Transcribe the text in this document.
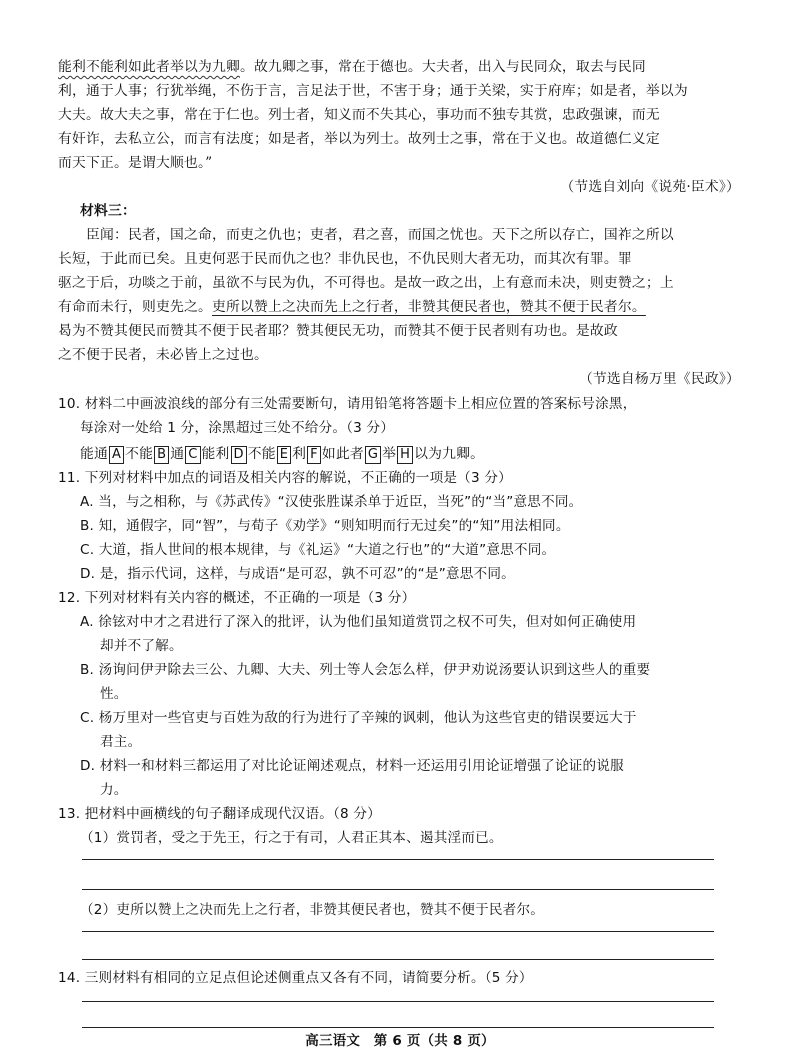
能利不能利如此者举以为九卿。故九卿之事，常在于德也。大夫者，出入与民同众，取去与民同
利，通于人事；行犹举绳，不伤于言，言足法于世，不害于身；通于关梁，实于府库；如是者，举以为
大夫。故大夫之事，常在于仁也。列士者，知义而不失其心，事功而不独专其赏，忠政强谏，而无
有奸诈，去私立公，而言有法度；如是者，举以为列士。故列士之事，常在于义也。故道德仁义定
而天下正。是谓大顺也。”
（节选自刘向《说苑·臣术》）
材料三：
臣闻：民者，国之命，而吏之仇也；吏者，君之喜，而国之忧也。天下之所以存亡，国祚之所以
长短，于此而已矣。且吏何恶于民而仇之也？非仇民也，不仇民则大者无功，而其次有罪。罪
驱之于后，功啖之于前，虽欲不与民为仇，不可得也。是故一政之出，上有意而未决，则吏赞之；上
有命而未行，则吏先之。吏所以赞上之决而先上之行者，非赞其便民者也，赞其不便于民者尔。
曷为不赞其便民而赞其不便于民者耶？赞其便民无功，而赞其不便于民者则有功也。是故政
之不便于民者，未必皆上之过也。
（节选自杨万里《民政》）
10. 材料二中画波浪线的部分有三处需要断句，请用铅笔将答题卡上相应位置的答案标号涂黑，
每涂对一处给 1 分，涂黑超过三处不给分。（3 分）
能通 A 不能 B 通 C 能利 D 不能 E 利 F 如此者 G 举 H 以为九卿。
11. 下列对材料中加点的词语及相关内容的解说，不正确的一项是（3 分）
A. 当，与之相称，与《苏武传》“汉使张胜谋杀单于近臣，当死”的“当”意思不同。
B. 知，通假字，同“智”，与荀子《劝学》“则知明而行无过矣”的“知”用法相同。
C. 大道，指人世间的根本规律，与《礼运》“大道之行也”的“大道”意思不同。
D. 是，指示代词，这样，与成语“是可忍，孰不可忍”的“是”意思不同。
12. 下列对材料有关内容的概述，不正确的一项是（3 分）
A. 徐铉对中才之君进行了深入的批评，认为他们虽知道赏罚之权不可失，但对如何正确使用
却并不了解。
B. 汤询问伊尹除去三公、九卿、大夫、列士等人会怎么样，伊尹劝说汤要认识到这些人的重要
性。
C. 杨万里对一些官吏与百姓为敌的行为进行了辛辣的讽刺，他认为这些官吏的错误要远大于
君主。
D. 材料一和材料三都运用了对比论证阐述观点，材料一还运用引用论证增强了论证的说服
力。
13. 把材料中画横线的句子翻译成现代汉语。（8 分）
（1）赏罚者，受之于先王，行之于有司，人君正其本、遏其淫而已。
（2）吏所以赞上之决而先上之行者，非赞其便民者也，赞其不便于民者尔。
14. 三则材料有相同的立足点但论述侧重点又各有不同，请简要分析。（5 分）
高三语文　第 6 页（共 8 页）
